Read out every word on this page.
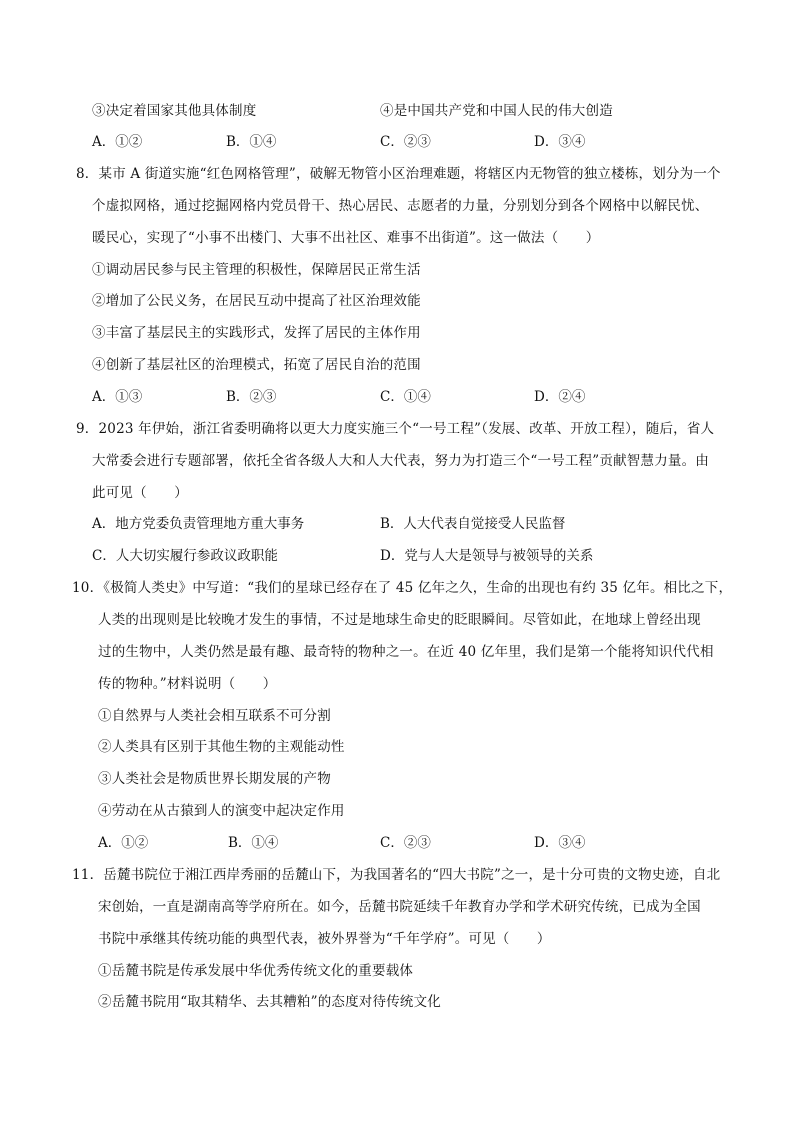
③决定着国家其他具体制度	④是中国共产党和中国人民的伟大创造
A．①②	B．①④	C．②③	D．③④
8．某市 A 街道实施“红色网格管理”，破解无物管小区治理难题，将辖区内无物管的独立楼栋，划分为一个
个虚拟网格，通过挖掘网格内党员骨干、热心居民、志愿者的力量，分别划分到各个网格中以解民忧、
暖民心，实现了“小事不出楼门、大事不出社区、难事不出街道”。这一做法（　　）
①调动居民参与民主管理的积极性，保障居民正常生活
②增加了公民义务，在居民互动中提高了社区治理效能
③丰富了基层民主的实践形式，发挥了居民的主体作用
④创新了基层社区的治理模式，拓宽了居民自治的范围
A．①③	B．②③	C．①④	D．②④
9．2023 年伊始，浙江省委明确将以更大力度实施三个“一号工程”（发展、改革、开放工程），随后，省人
大常委会进行专题部署，依托全省各级人大和人大代表，努力为打造三个“一号工程”贡献智慧力量。由
此可见（　　）
A．地方党委负责管理地方重大事务	B．人大代表自觉接受人民监督
C．人大切实履行参政议政职能	D．党与人大是领导与被领导的关系
10．《极简人类史》中写道：“我们的星球已经存在了 45 亿年之久，生命的出现也有约 35 亿年。相比之下，
人类的出现则是比较晚才发生的事情，不过是地球生命史的眨眼瞬间。尽管如此，在地球上曾经出现
过的生物中，人类仍然是最有趣、最奇特的物种之一。在近 40 亿年里，我们是第一个能将知识代代相
传的物种。”材料说明（　　）
①自然界与人类社会相互联系不可分割
②人类具有区别于其他生物的主观能动性
③人类社会是物质世界长期发展的产物
④劳动在从古猿到人的演变中起决定作用
A．①②	B．①④	C．②③	D．③④
11．岳麓书院位于湘江西岸秀丽的岳麓山下，为我国著名的“四大书院”之一，是十分可贵的文物史迹，自北
宋创始，一直是湖南高等学府所在。如今，岳麓书院延续千年教育办学和学术研究传统，已成为全国
书院中承继其传统功能的典型代表，被外界誉为“千年学府”。可见（　　）
①岳麓书院是传承发展中华优秀传统文化的重要载体
②岳麓书院用“取其精华、去其糟粕”的态度对待传统文化
